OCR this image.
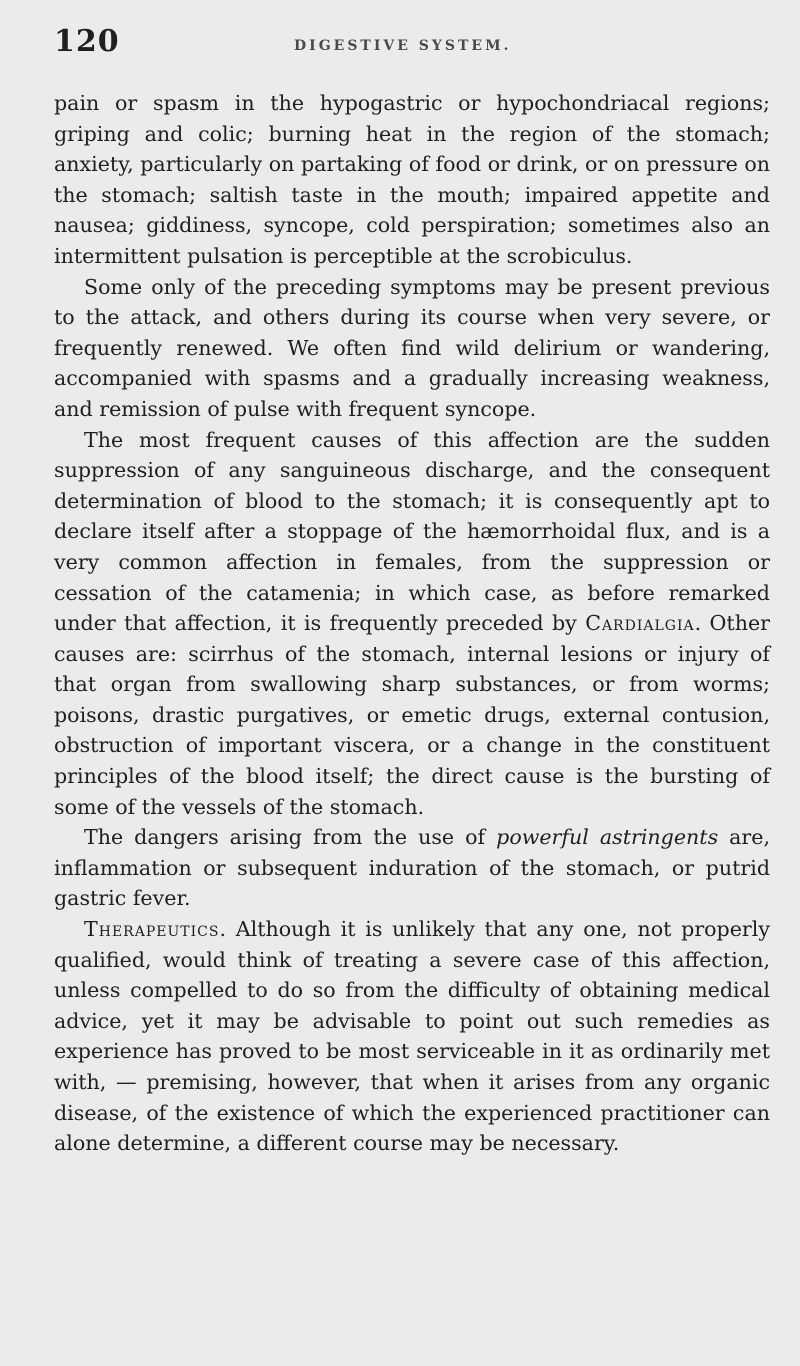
120	DIGESTIVE SYSTEM.

pain or spasm in the hypogastric or hypochondriacal regions; griping and colic; burning heat in the region of the stomach; anxiety, particularly on partaking of food or drink, or on pressure on the stomach; saltish taste in the mouth; impaired appetite and nausea; giddiness, syncope, cold perspiration; sometimes also an intermittent pulsation is perceptible at the scrobiculus.

Some only of the preceding symptoms may be present previous to the attack, and others during its course when very severe, or frequently renewed. We often find wild delirium or wandering, accompanied with spasms and a gradually increasing weakness, and remission of pulse with frequent syncope.

The most frequent causes of this affection are the sudden suppression of any sanguineous discharge, and the consequent determination of blood to the stomach; it is consequently apt to declare itself after a stoppage of the hæmorrhoidal flux, and is a very common affection in females, from the suppression or cessation of the catamenia; in which case, as before remarked under that affection, it is frequently preceded by Cardialgia. Other causes are: scirrhus of the stomach, internal lesions or injury of that organ from swallowing sharp substances, or from worms; poisons, drastic purgatives, or emetic drugs, external contusion, obstruction of important viscera, or a change in the constituent principles of the blood itself; the direct cause is the bursting of some of the vessels of the stomach.

The dangers arising from the use of powerful astringents are, inflammation or subsequent induration of the stomach, or putrid gastric fever.

Therapeutics. Although it is unlikely that any one, not properly qualified, would think of treating a severe case of this affection, unless compelled to do so from the difficulty of obtaining medical advice, yet it may be advisable to point out such remedies as experience has proved to be most serviceable in it as ordinarily met with, — premising, however, that when it arises from any organic disease, of the existence of which the experienced practitioner can alone determine, a different course may be necessary.
